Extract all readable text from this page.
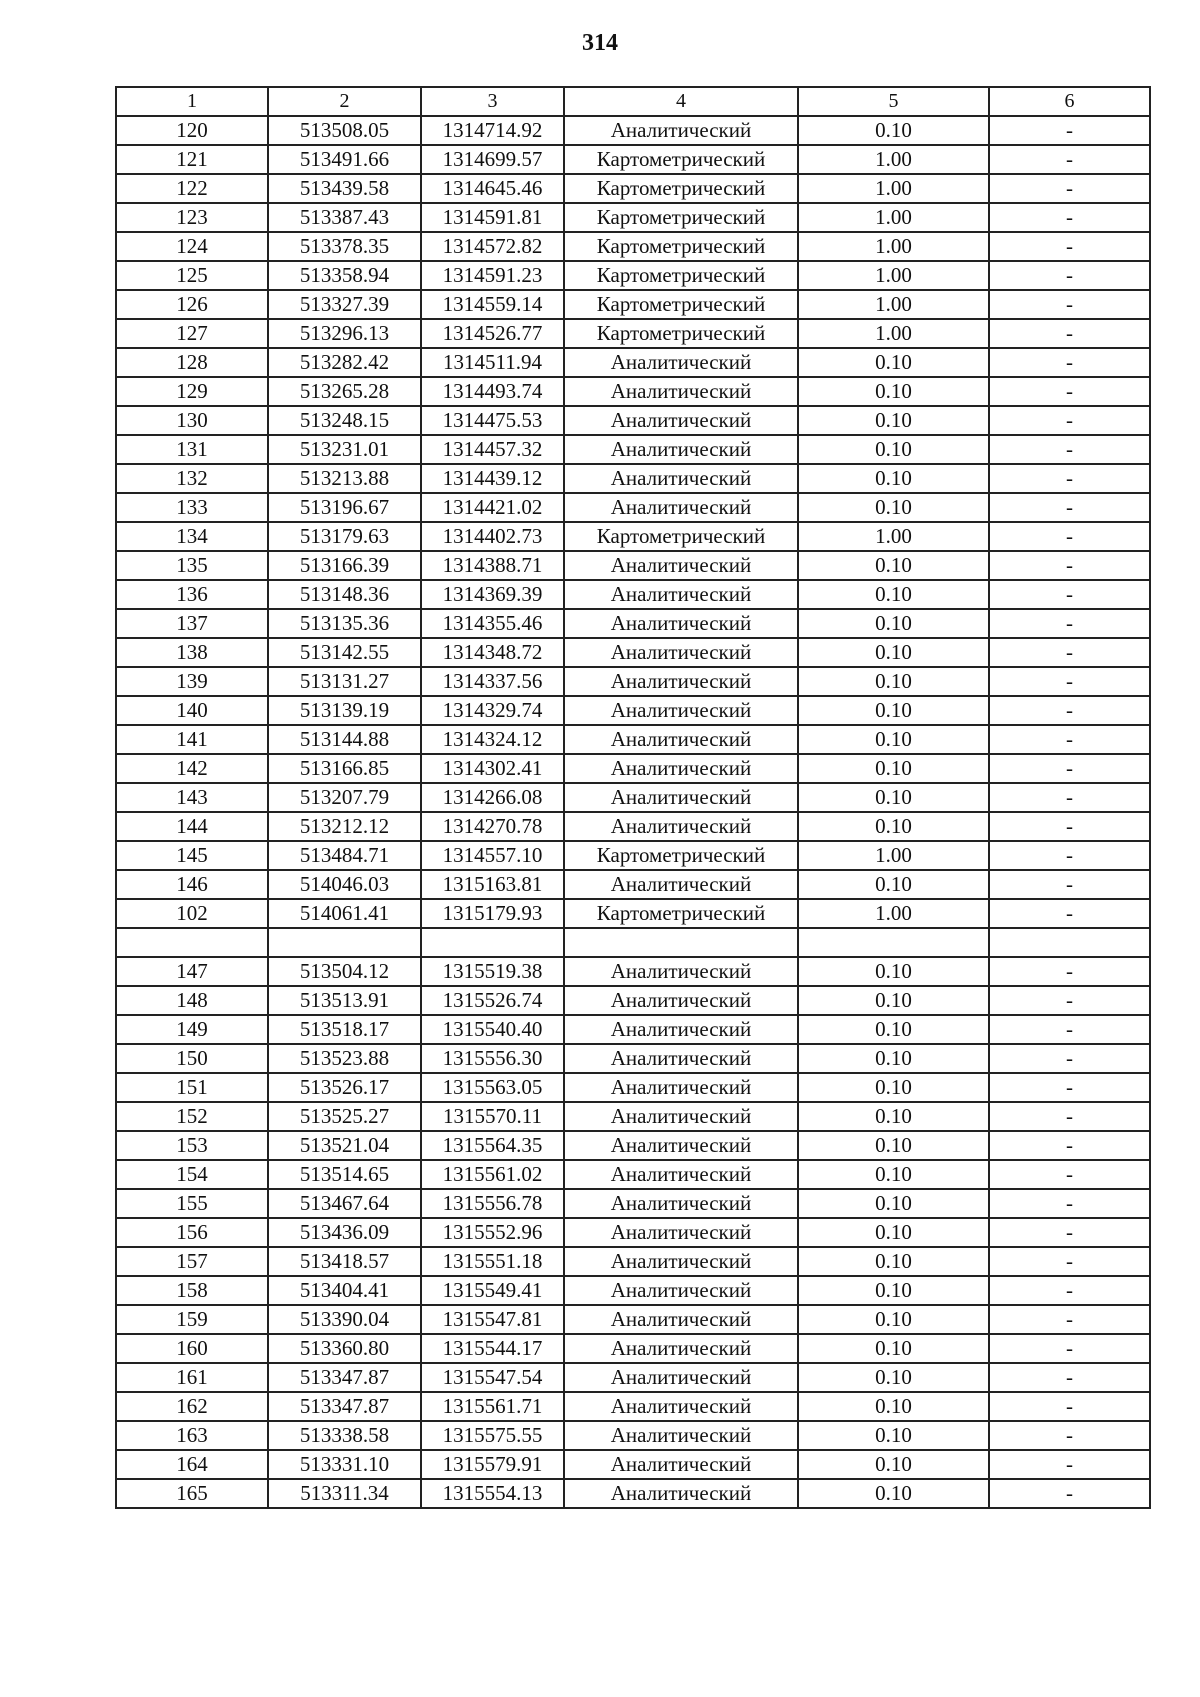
314
1	2	3	4	5	6
120	513508.05	1314714.92	Аналитический	0.10	-
121	513491.66	1314699.57	Картометрический	1.00	-
122	513439.58	1314645.46	Картометрический	1.00	-
123	513387.43	1314591.81	Картометрический	1.00	-
124	513378.35	1314572.82	Картометрический	1.00	-
125	513358.94	1314591.23	Картометрический	1.00	-
126	513327.39	1314559.14	Картометрический	1.00	-
127	513296.13	1314526.77	Картометрический	1.00	-
128	513282.42	1314511.94	Аналитический	0.10	-
129	513265.28	1314493.74	Аналитический	0.10	-
130	513248.15	1314475.53	Аналитический	0.10	-
131	513231.01	1314457.32	Аналитический	0.10	-
132	513213.88	1314439.12	Аналитический	0.10	-
133	513196.67	1314421.02	Аналитический	0.10	-
134	513179.63	1314402.73	Картометрический	1.00	-
135	513166.39	1314388.71	Аналитический	0.10	-
136	513148.36	1314369.39	Аналитический	0.10	-
137	513135.36	1314355.46	Аналитический	0.10	-
138	513142.55	1314348.72	Аналитический	0.10	-
139	513131.27	1314337.56	Аналитический	0.10	-
140	513139.19	1314329.74	Аналитический	0.10	-
141	513144.88	1314324.12	Аналитический	0.10	-
142	513166.85	1314302.41	Аналитический	0.10	-
143	513207.79	1314266.08	Аналитический	0.10	-
144	513212.12	1314270.78	Аналитический	0.10	-
145	513484.71	1314557.10	Картометрический	1.00	-
146	514046.03	1315163.81	Аналитический	0.10	-
102	514061.41	1315179.93	Картометрический	1.00	-

147	513504.12	1315519.38	Аналитический	0.10	-
148	513513.91	1315526.74	Аналитический	0.10	-
149	513518.17	1315540.40	Аналитический	0.10	-
150	513523.88	1315556.30	Аналитический	0.10	-
151	513526.17	1315563.05	Аналитический	0.10	-
152	513525.27	1315570.11	Аналитический	0.10	-
153	513521.04	1315564.35	Аналитический	0.10	-
154	513514.65	1315561.02	Аналитический	0.10	-
155	513467.64	1315556.78	Аналитический	0.10	-
156	513436.09	1315552.96	Аналитический	0.10	-
157	513418.57	1315551.18	Аналитический	0.10	-
158	513404.41	1315549.41	Аналитический	0.10	-
159	513390.04	1315547.81	Аналитический	0.10	-
160	513360.80	1315544.17	Аналитический	0.10	-
161	513347.87	1315547.54	Аналитический	0.10	-
162	513347.87	1315561.71	Аналитический	0.10	-
163	513338.58	1315575.55	Аналитический	0.10	-
164	513331.10	1315579.91	Аналитический	0.10	-
165	513311.34	1315554.13	Аналитический	0.10	-
